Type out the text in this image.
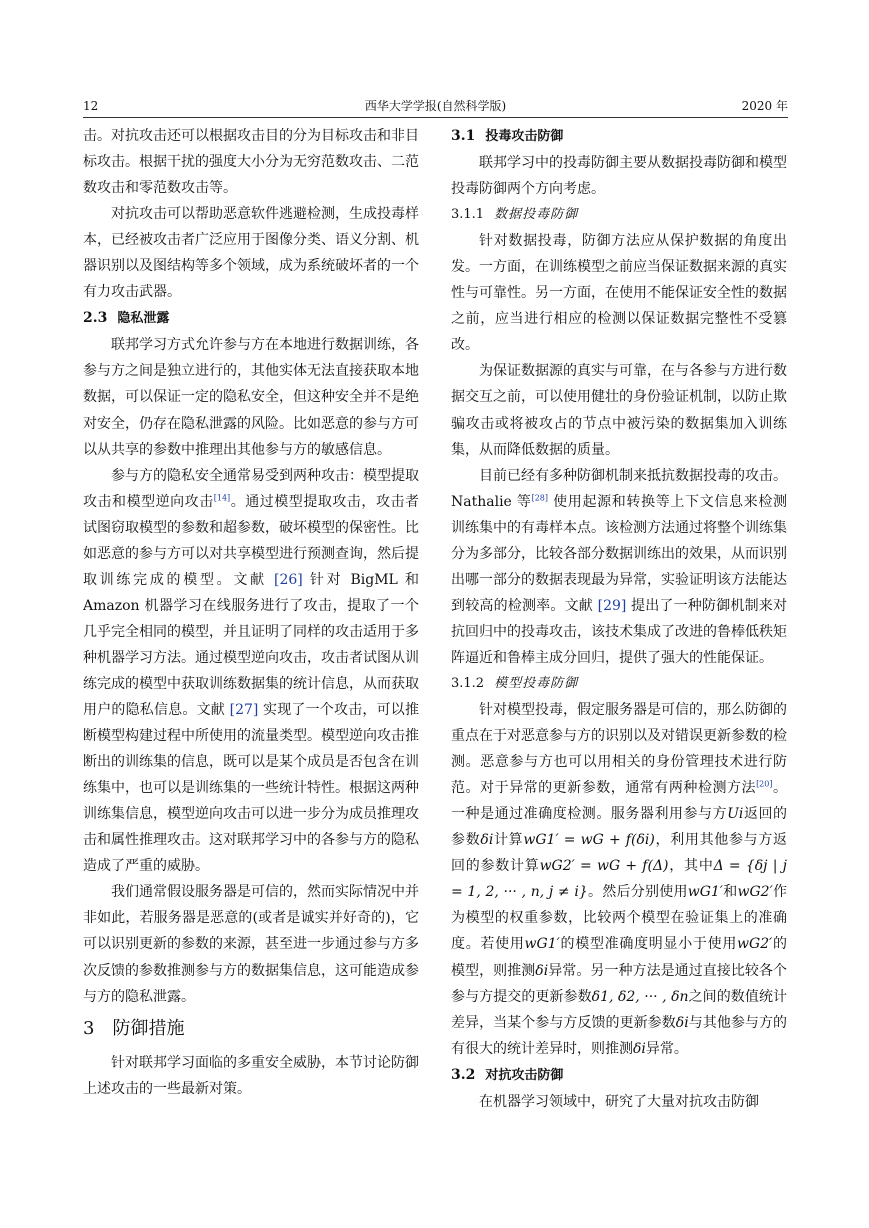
12	西华大学学报(自然科学版)	2020 年

击。对抗攻击还可以根据攻击目的分为目标攻击和非目标攻击。根据干扰的强度大小分为无穷范数攻击、二范数攻击和零范数攻击等。

对抗攻击可以帮助恶意软件逃避检测，生成投毒样本，已经被攻击者广泛应用于图像分类、语义分割、机器识别以及图结构等多个领域，成为系统破坏者的一个有力攻击武器。

2.3 隐私泄露

联邦学习方式允许参与方在本地进行数据训练，各参与方之间是独立进行的，其他实体无法直接获取本地数据，可以保证一定的隐私安全，但这种安全并不是绝对安全，仍存在隐私泄露的风险。比如恶意的参与方可以从共享的参数中推理出其他参与方的敏感信息。

参与方的隐私安全通常易受到两种攻击：模型提取攻击和模型逆向攻击[14]。通过模型提取攻击，攻击者试图窃取模型的参数和超参数，破坏模型的保密性。比如恶意的参与方可以对共享模型进行预测查询，然后提取训练完成的模型。文献 [26] 针对 BigML 和 Amazon 机器学习在线服务进行了攻击，提取了一个几乎完全相同的模型，并且证明了同样的攻击适用于多种机器学习方法。通过模型逆向攻击，攻击者试图从训练完成的模型中获取训练数据集的统计信息，从而获取用户的隐私信息。文献 [27] 实现了一个攻击，可以推断模型构建过程中所使用的流量类型。模型逆向攻击推断出的训练集的信息，既可以是某个成员是否包含在训练集中，也可以是训练集的一些统计特性。根据这两种训练集信息，模型逆向攻击可以进一步分为成员推理攻击和属性推理攻击。这对联邦学习中的各参与方的隐私造成了严重的威胁。

我们通常假设服务器是可信的，然而实际情况中并非如此，若服务器是恶意的(或者是诚实并好奇的)，它可以识别更新的参数的来源，甚至进一步通过参与方多次反馈的参数推测参与方的数据集信息，这可能造成参与方的隐私泄露。

3 防御措施

针对联邦学习面临的多重安全威胁，本节讨论防御上述攻击的一些最新对策。

3.1 投毒攻击防御

联邦学习中的投毒防御主要从数据投毒防御和模型投毒防御两个方向考虑。

3.1.1 数据投毒防御

针对数据投毒，防御方法应从保护数据的角度出发。一方面，在训练模型之前应当保证数据来源的真实性与可靠性。另一方面，在使用不能保证安全性的数据之前，应当进行相应的检测以保证数据完整性不受篡改。

为保证数据源的真实与可靠，在与各参与方进行数据交互之前，可以使用健壮的身份验证机制，以防止欺骗攻击或将被攻占的节点中被污染的数据集加入训练集，从而降低数据的质量。

目前已经有多种防御机制来抵抗数据投毒的攻击。Nathalie 等[28] 使用起源和转换等上下文信息来检测训练集中的有毒样本点。该检测方法通过将整个训练集分为多部分，比较各部分数据训练出的效果，从而识别出哪一部分的数据表现最为异常，实验证明该方法能达到较高的检测率。文献 [29] 提出了一种防御机制来对抗回归中的投毒攻击，该技术集成了改进的鲁棒低秩矩阵逼近和鲁棒主成分回归，提供了强大的性能保证。

3.1.2 模型投毒防御

针对模型投毒，假定服务器是可信的，那么防御的重点在于对恶意参与方的识别以及对错误更新参数的检测。恶意参与方也可以用相关的身份管理技术进行防范。对于异常的更新参数，通常有两种检测方法[20]。一种是通过准确度检测。服务器利用参与方Ui返回的参数δi计算wG1′ = wG + f(δi)，利用其他参与方返回的参数计算wG2′ = wG + f(Δ)，其中Δ = {δj | j = 1, 2, ··· , n, j ≠ i}。然后分别使用wG1′和wG2′作为模型的权重参数，比较两个模型在验证集上的准确度。若使用wG1′的模型准确度明显小于使用wG2′的模型，则推测δi异常。另一种方法是通过直接比较各个参与方提交的更新参数δ1, δ2, ··· , δn之间的数值统计差异，当某个参与方反馈的更新参数δi与其他参与方的有很大的统计差异时，则推测δi异常。

3.2 对抗攻击防御

在机器学习领域中，研究了大量对抗攻击防御
